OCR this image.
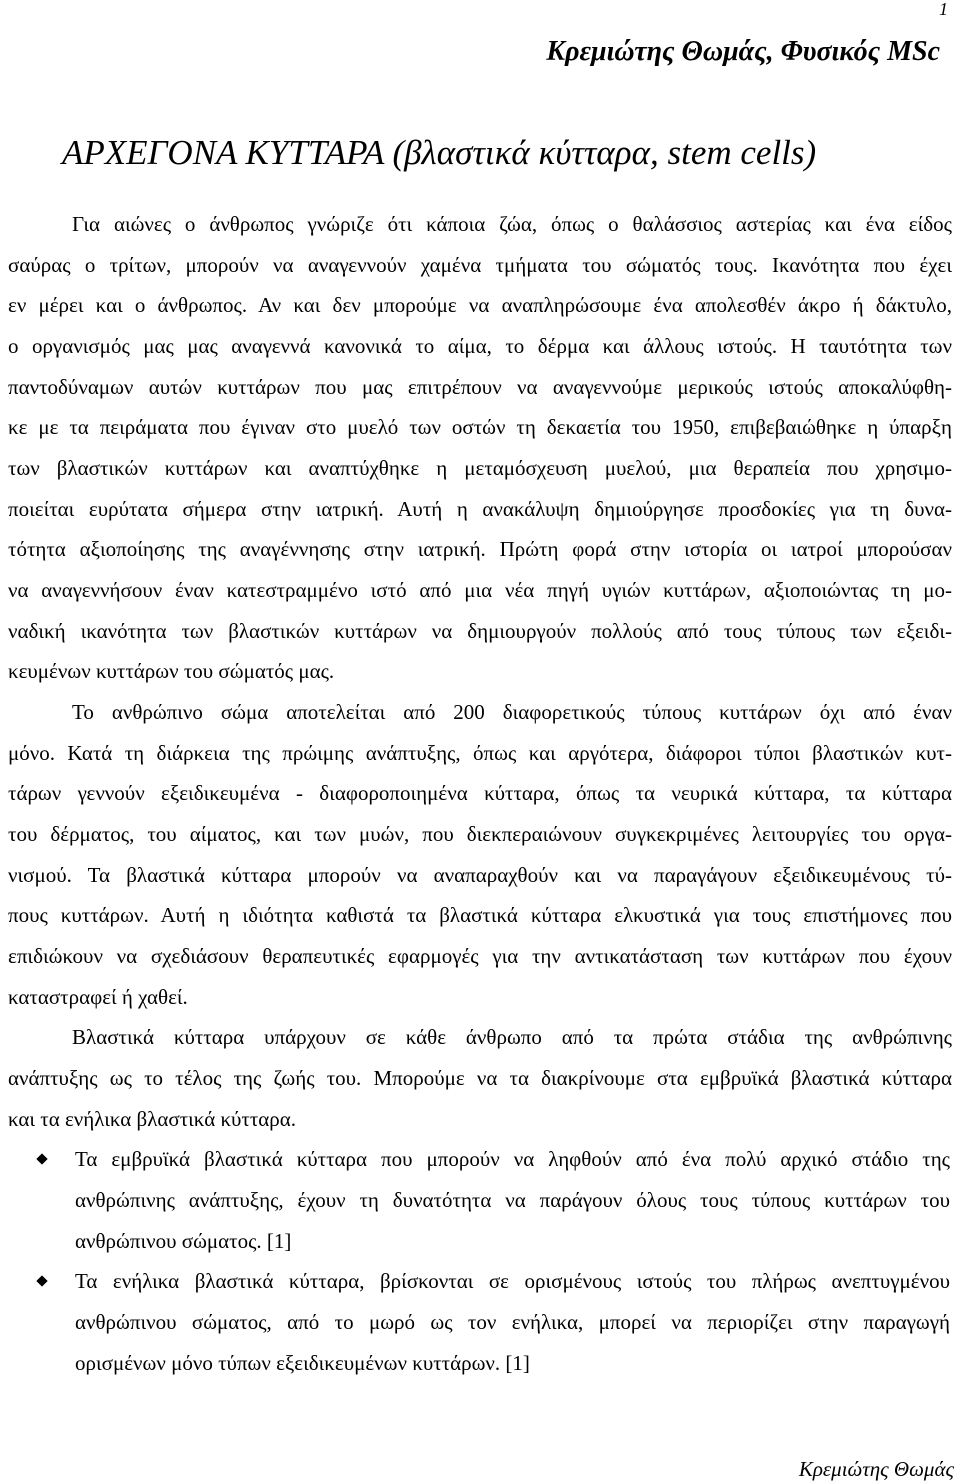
1
Κρεμιώτης Θωμάς, Φυσικός MSc
ΑΡΧΕΓΟΝΑ ΚΥΤΤΑΡΑ (βλαστικά κύτταρα, stem cells)
Για αιώνες ο άνθρωπος γνώριζε ότι κάποια ζώα, όπως ο θαλάσσιος αστερίας και ένα είδος
σαύρας ο τρίτων, μπορούν να αναγεννούν χαμένα τμήματα του σώματός τους. Ικανότητα που έχει
εν μέρει και ο άνθρωπος. Αν και δεν μπορούμε να αναπληρώσουμε ένα απολεσθέν άκρο ή δάκτυλο,
ο οργανισμός μας μας αναγεννά κανονικά το αίμα, το δέρμα και άλλους ιστούς. Η ταυτότητα των
παντοδύναμων αυτών κυττάρων που μας επιτρέπουν να αναγεννούμε μερικούς ιστούς αποκαλύφθη-
κε με τα πειράματα που έγιναν στο μυελό των οστών τη δεκαετία του 1950, επιβεβαιώθηκε η ύπαρξη
των βλαστικών κυττάρων και αναπτύχθηκε η μεταμόσχευση μυελού, μια θεραπεία που χρησιμο-
ποιείται ευρύτατα σήμερα στην ιατρική. Αυτή η ανακάλυψη δημιούργησε προσδοκίες για τη δυνα-
τότητα αξιοποίησης της αναγέννησης στην ιατρική. Πρώτη φορά στην ιστορία οι ιατροί μπορούσαν
να αναγεννήσουν έναν κατεστραμμένο ιστό από μια νέα πηγή υγιών κυττάρων, αξιοποιώντας τη μο-
ναδική ικανότητα των βλαστικών κυττάρων να δημιουργούν πολλούς από τους τύπους των εξειδι-
κευμένων κυττάρων του σώματός μας.
Το ανθρώπινο σώμα αποτελείται από 200 διαφορετικούς τύπους κυττάρων όχι από έναν
μόνο. Κατά τη διάρκεια της πρώιμης ανάπτυξης, όπως και αργότερα, διάφοροι τύποι βλαστικών κυτ-
τάρων γεννούν εξειδικευμένα - διαφοροποιημένα κύτταρα, όπως τα νευρικά κύτταρα, τα κύτταρα
του δέρματος, του αίματος, και των μυών, που διεκπεραιώνουν συγκεκριμένες λειτουργίες του οργα-
νισμού. Τα βλαστικά κύτταρα μπορούν να αναπαραχθούν και να παραγάγουν εξειδικευμένους τύ-
πους κυττάρων. Αυτή η ιδιότητα καθιστά τα βλαστικά κύτταρα ελκυστικά για τους επιστήμονες που
επιδιώκουν να σχεδιάσουν θεραπευτικές εφαρμογές για την αντικατάσταση των κυττάρων που έχουν
καταστραφεί ή χαθεί.
Βλαστικά κύτταρα υπάρχουν σε κάθε άνθρωπο από τα πρώτα στάδια της ανθρώπινης
ανάπτυξης ως το τέλος της ζωής του. Μπορούμε να τα διακρίνουμε στα εμβρυϊκά βλαστικά κύτταρα
και τα ενήλικα βλαστικά κύτταρα.
Τα εμβρυϊκά βλαστικά κύτταρα που μπορούν να ληφθούν από ένα πολύ αρχικό στάδιο της
ανθρώπινης ανάπτυξης, έχουν τη δυνατότητα να παράγουν όλους τους τύπους κυττάρων του
ανθρώπινου σώματος. [1]
Τα ενήλικα βλαστικά κύτταρα, βρίσκονται σε ορισμένους ιστούς του πλήρως ανεπτυγμένου
ανθρώπινου σώματος, από το μωρό ως τον ενήλικα, μπορεί να περιορίζει στην παραγωγή
ορισμένων μόνο τύπων εξειδικευμένων κυττάρων. [1]
Κρεμιώτης Θωμάς
